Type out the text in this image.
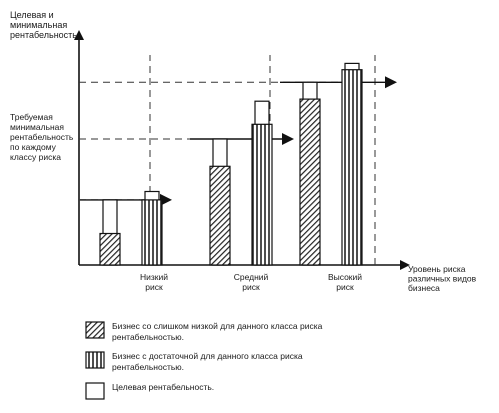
Целевая и минимальная рентабельность
Требуемая минимальная рентабельность по каждому классу риска
Низкий риск
Средний риск
Высокий риск
Уровень риска различных видов бизнеса
Бизнес со слишком низкой для данного класса риска рентабельностью.
Бизнес с достаточной для данного класса риска рентабельностью.
Целевая рентабельность.
